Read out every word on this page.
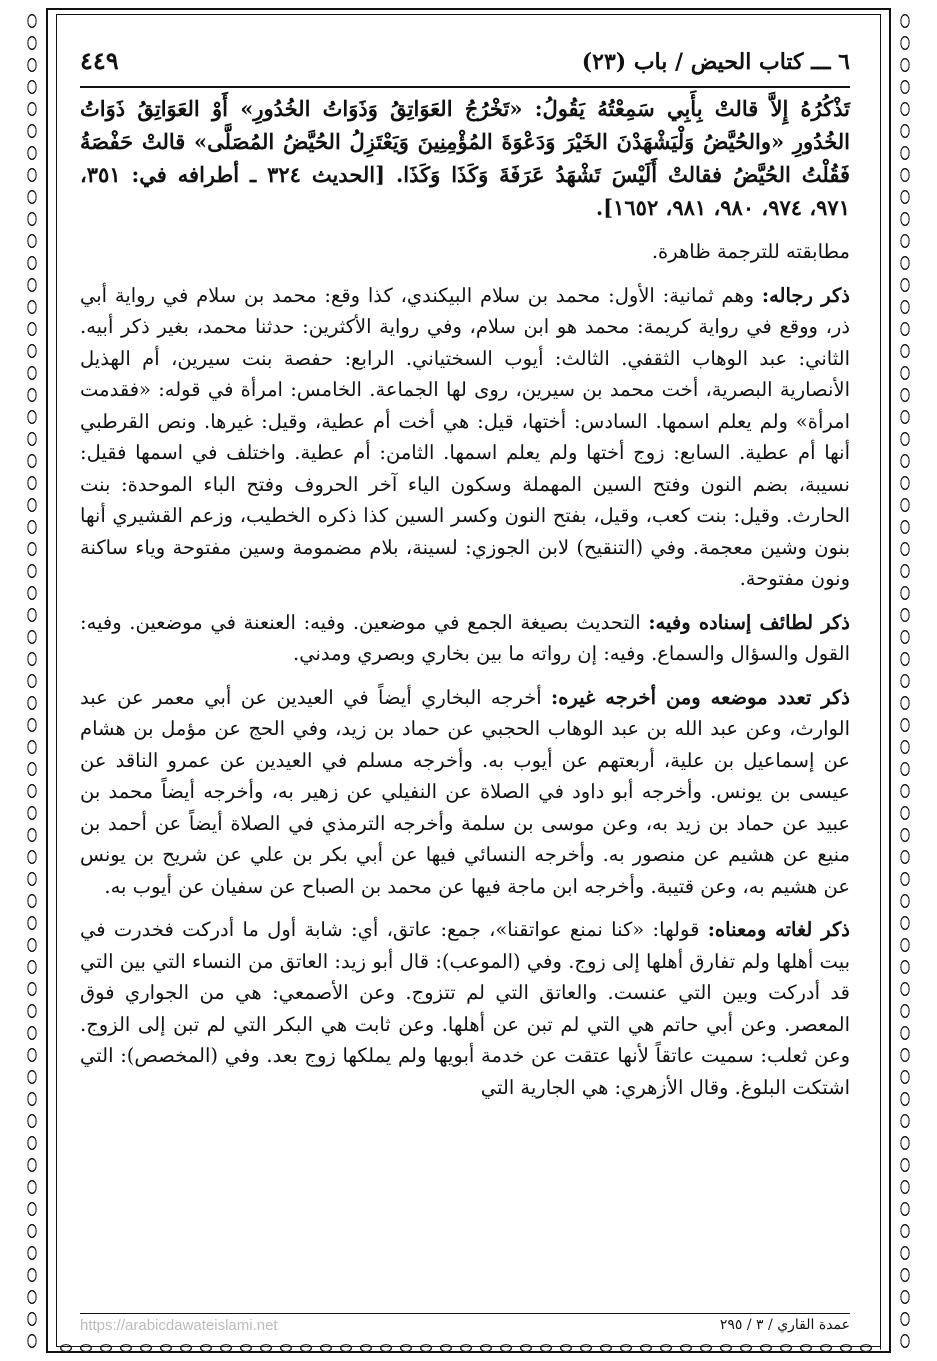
٦ ـــ كتاب الحيض / باب (٢٣)
٤٤٩

تَذْكُرُهُ إِلاَّ قالتْ بِأَبِي سَمِعْتُهُ يَقُولُ: «تَخْرُجُ العَوَاتِقُ وَذَوَاتُ الخُدُورِ» أَوْ العَوَاتِقُ ذَوَاتُ الخُدُورِ «والحُيَّضُ وَلْيَشْهَدْنَ الخَيْرَ وَدَعْوَةَ المُؤْمِنِينَ وَيَعْتَزِلُ الحُيَّضُ المُصَلَّى» قالتْ حَفْصَةُ فَقُلْتُ الحُيَّضُ فقالتْ أَلَيْسَ تَشْهَدُ عَرَفَةَ وَكَذَا وَكَذَا. [الحديث ٣٢٤ ـ أطرافه في: ٣٥١، ٩٧١، ٩٧٤، ٩٨٠، ٩٨١، ١٦٥٢].

مطابقته للترجمة ظاهرة.

ذكر رجاله: وهم ثمانية: الأول: محمد بن سلام البيكندي، كذا وقع: محمد بن سلام في رواية أبي ذر، ووقع في رواية كريمة: محمد هو ابن سلام، وفي رواية الأكثرين: حدثنا محمد، بغير ذكر أبيه. الثاني: عبد الوهاب الثقفي. الثالث: أيوب السختياني. الرابع: حفصة بنت سيرين، أم الهذيل الأنصارية البصرية، أخت محمد بن سيرين، روى لها الجماعة. الخامس: امرأة في قوله: «فقدمت امرأة» ولم يعلم اسمها. السادس: أختها، قيل: هي أخت أم عطية، وقيل: غيرها. ونص القرطبي أنها أم عطية. السابع: زوج أختها ولم يعلم اسمها. الثامن: أم عطية. واختلف في اسمها فقيل: نسيبة، بضم النون وفتح السين المهملة وسكون الياء آخر الحروف وفتح الباء الموحدة: بنت الحارث. وقيل: بنت كعب، وقيل، بفتح النون وكسر السين كذا ذكره الخطيب، وزعم القشيري أنها بنون وشين معجمة. وفي (التنقيح) لابن الجوزي: لسينة، بلام مضمومة وسين مفتوحة وياء ساكنة ونون مفتوحة.

ذكر لطائف إسناده وفيه: التحديث بصيغة الجمع في موضعين. وفيه: العنعنة في موضعين. وفيه: القول والسؤال والسماع. وفيه: إن رواته ما بين بخاري وبصري ومدني.

ذكر تعدد موضعه ومن أخرجه غيره: أخرجه البخاري أيضاً في العيدين عن أبي معمر عن عبد الوارث، وعن عبد الله بن عبد الوهاب الحجبي عن حماد بن زيد، وفي الحج عن مؤمل بن هشام عن إسماعيل بن علية، أربعتهم عن أيوب به. وأخرجه مسلم في العيدين عن عمرو الناقد عن عيسى بن يونس. وأخرجه أبو داود في الصلاة عن النفيلي عن زهير به، وأخرجه أيضاً محمد بن عبيد عن حماد بن زيد به، وعن موسى بن سلمة وأخرجه الترمذي في الصلاة أيضاً عن أحمد بن منيع عن هشيم عن منصور به. وأخرجه النسائي فيها عن أبي بكر بن علي عن شريح بن يونس عن هشيم به، وعن قتيبة. وأخرجه ابن ماجة فيها عن محمد بن الصباح عن سفيان عن أيوب به.

ذكر لغاته ومعناه: قولها: «كنا نمنع عواتقنا»، جمع: عاتق، أي: شابة أول ما أدركت فخدرت في بيت أهلها ولم تفارق أهلها إلى زوج. وفي (الموعب): قال أبو زيد: العاتق من النساء التي بين التي قد أدركت وبين التي عنست. والعاتق التي لم تتزوج. وعن الأصمعي: هي من الجواري فوق المعصر. وعن أبي حاتم هي التي لم تبن عن أهلها. وعن ثابت هي البكر التي لم تبن إلى الزوج. وعن ثعلب: سميت عاتقاً لأنها عتقت عن خدمة أبويها ولم يملكها زوج بعد. وفي (المخصص): التي اشتكت البلوغ. وقال الأزهري: هي الجارية التي

عمدة القاري / ٣ / ٢٩٥
https://arabicdawateislami.net
